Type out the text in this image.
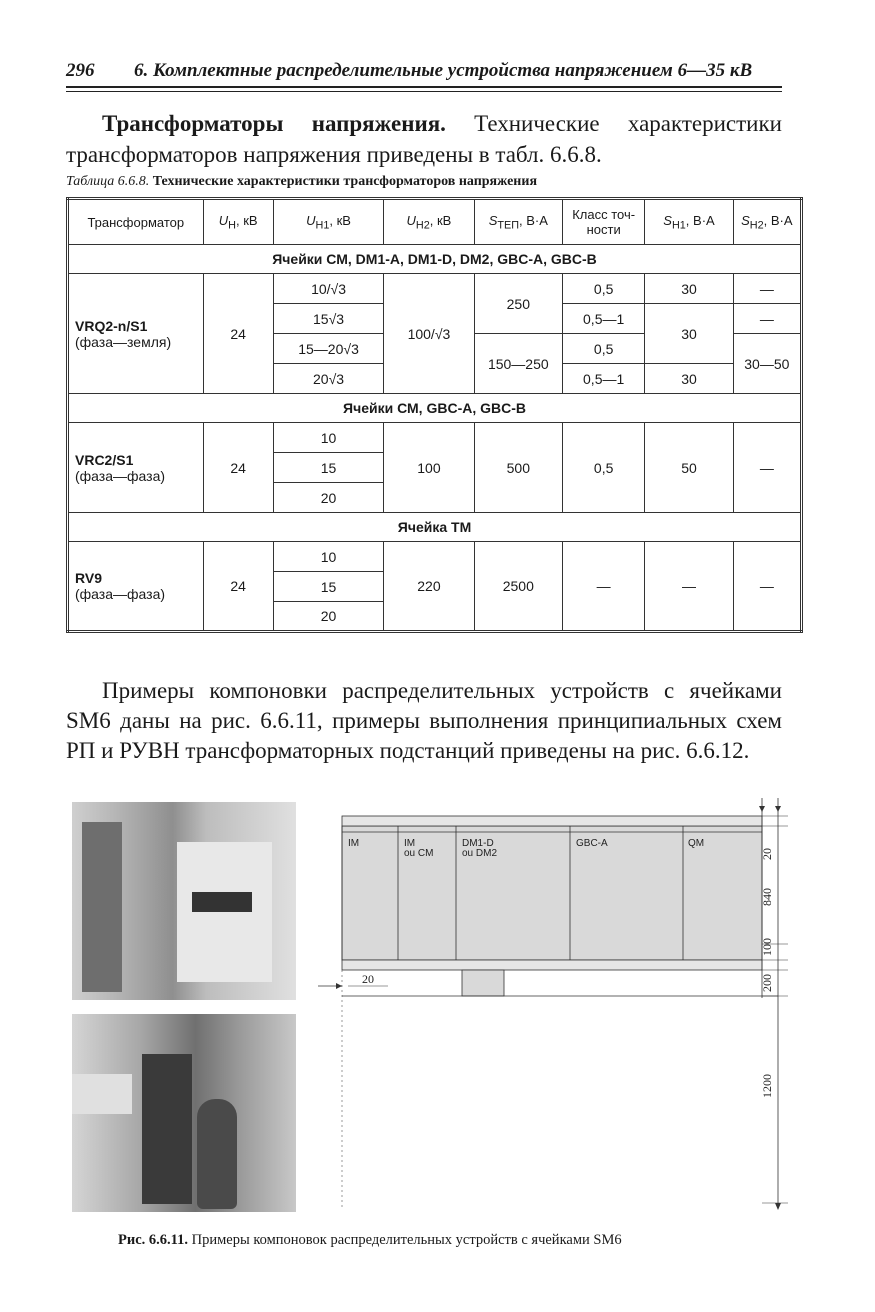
296 6. Комплектные распределительные устройства напряжением 6—35 кВ

Трансформаторы напряжения. Технические характеристики трансформаторов напряжения приведены в табл. 6.6.8.

Таблица 6.6.8. Технические характеристики трансформаторов напряжения
Трансформатор	$U_Н$, кВ	$U_{Н1}$, кВ	$U_{Н2}$, кВ	$S_{ТЕП}$, В·А	Класс точ-ности	$S_{Н1}$, В·А	$S_{Н2}$, В·А
Ячейки СМ, DM1-A, DM1-D, DM2, GBC-A, GBC-B							
VRQ2-n/S1
(фаза—земля)	24	10/√3	100/√3	250	0,5	30	—
		15√3			0,5—1	30	—
		15—20√3		150—250	0,5		30—50
		20√3			0,5—1	30	
Ячейки СМ, GBC-A, GBC-B							
VRC2/S1
(фаза—фаза)	24	10	100	500	0,5	50	—
		15					
		20					
Ячейка ТМ							
RV9
(фаза—фаза)	24	10	220	2500	—	—	—
		15					
		20					

Примеры компоновки распределительных устройств с ячейками SM6 даны на рис. 6.6.11, примеры выполнения принципиальных схем РП и РУВН трансформаторных подстанций приведены на рис. 6.6.12.

IM	IM
ou CM
DM1-D
ou DM2
GBC-A	QM
20
840
100
200
1200
20
Рис. 6.6.11. Примеры компоновок распределительных устройств с ячейками SM6
